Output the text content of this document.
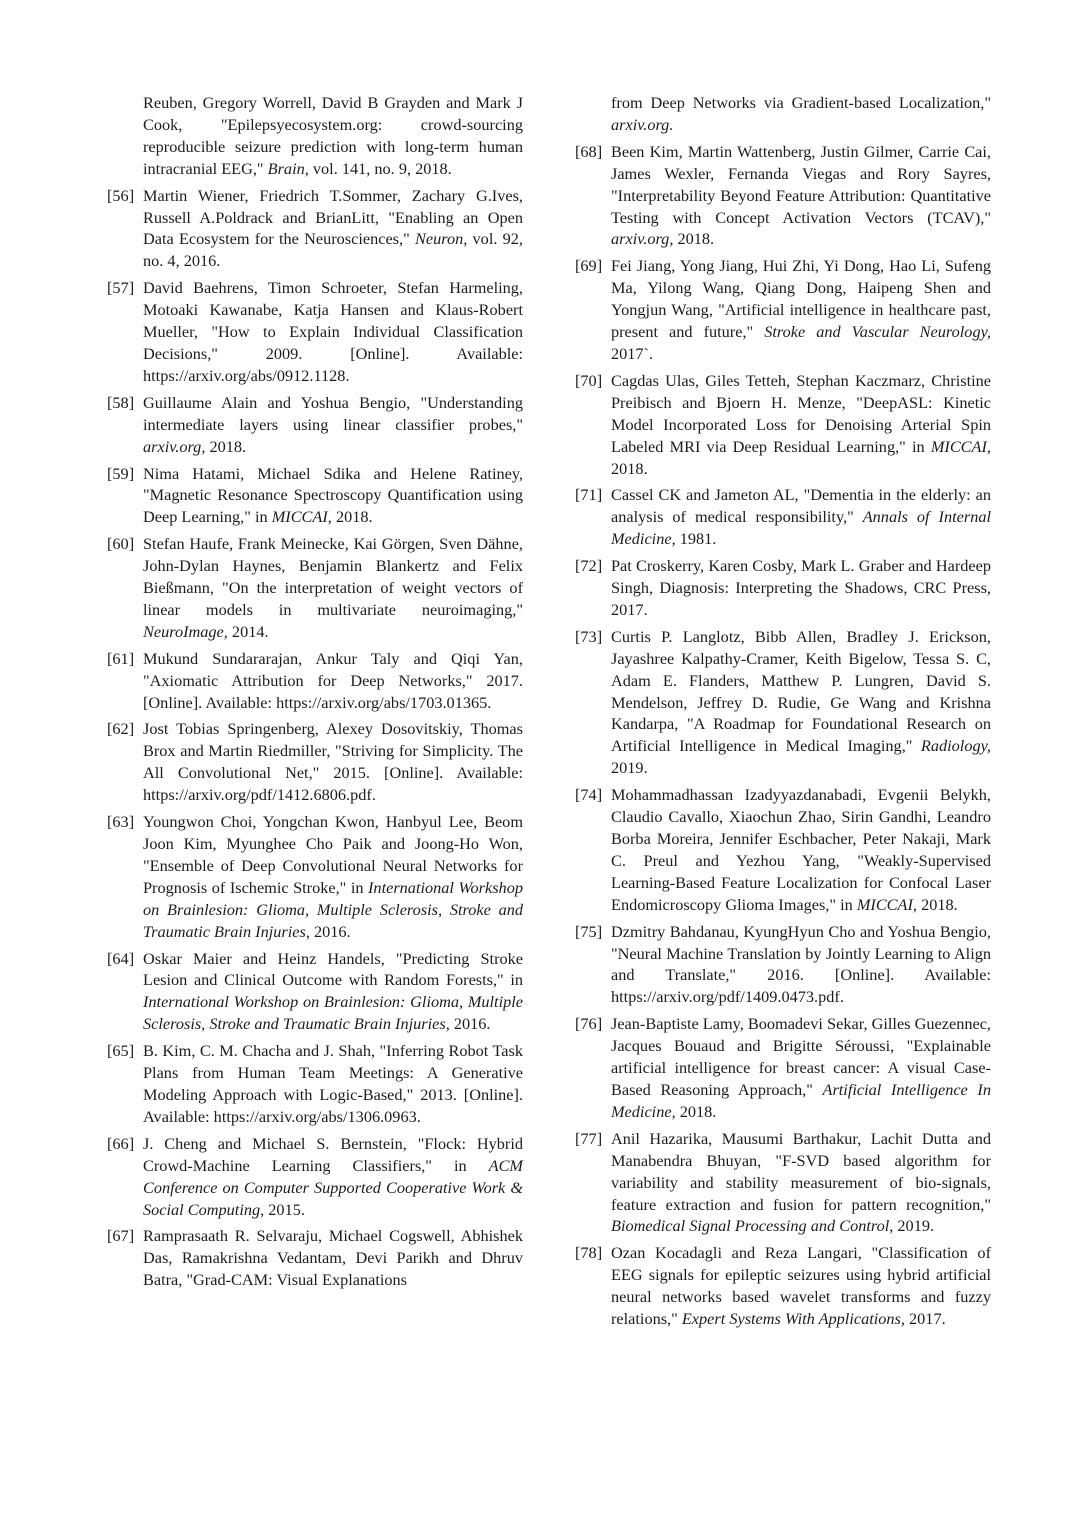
Reuben, Gregory Worrell, David B Grayden and Mark J Cook, "Epilepsyecosystem.org: crowd-sourcing reproducible seizure prediction with long-term human intracranial EEG," Brain, vol. 141, no. 9, 2018.
[56] Martin Wiener, Friedrich T.Sommer, Zachary G.Ives, Russell A.Poldrack and BrianLitt, "Enabling an Open Data Ecosystem for the Neurosciences," Neuron, vol. 92, no. 4, 2016.
[57] David Baehrens, Timon Schroeter, Stefan Harmeling, Motoaki Kawanabe, Katja Hansen and Klaus-Robert Mueller, "How to Explain Individual Classification Decisions," 2009. [Online]. Available: https://arxiv.org/abs/0912.1128.
[58] Guillaume Alain and Yoshua Bengio, "Understanding intermediate layers using linear classifier probes," arxiv.org, 2018.
[59] Nima Hatami, Michael Sdika and Helene Ratiney, "Magnetic Resonance Spectroscopy Quantification using Deep Learning," in MICCAI, 2018.
[60] Stefan Haufe, Frank Meinecke, Kai Görgen, Sven Dähne, John-Dylan Haynes, Benjamin Blankertz and Felix Bießmann, "On the interpretation of weight vectors of linear models in multivariate neuroimaging," NeuroImage, 2014.
[61] Mukund Sundararajan, Ankur Taly and Qiqi Yan, "Axiomatic Attribution for Deep Networks," 2017. [Online]. Available: https://arxiv.org/abs/1703.01365.
[62] Jost Tobias Springenberg, Alexey Dosovitskiy, Thomas Brox and Martin Riedmiller, "Striving for Simplicity. The All Convolutional Net," 2015. [Online]. Available: https://arxiv.org/pdf/1412.6806.pdf.
[63] Youngwon Choi, Yongchan Kwon, Hanbyul Lee, Beom Joon Kim, Myunghee Cho Paik and Joong-Ho Won, "Ensemble of Deep Convolutional Neural Networks for Prognosis of Ischemic Stroke," in International Workshop on Brainlesion: Glioma, Multiple Sclerosis, Stroke and Traumatic Brain Injuries, 2016.
[64] Oskar Maier and Heinz Handels, "Predicting Stroke Lesion and Clinical Outcome with Random Forests," in International Workshop on Brainlesion: Glioma, Multiple Sclerosis, Stroke and Traumatic Brain Injuries, 2016.
[65] B. Kim, C. M. Chacha and J. Shah, "Inferring Robot Task Plans from Human Team Meetings: A Generative Modeling Approach with Logic-Based," 2013. [Online]. Available: https://arxiv.org/abs/1306.0963.
[66] J. Cheng and Michael S. Bernstein, "Flock: Hybrid Crowd-Machine Learning Classifiers," in ACM Conference on Computer Supported Cooperative Work & Social Computing, 2015.
[67] Ramprasaath R. Selvaraju, Michael Cogswell, Abhishek Das, Ramakrishna Vedantam, Devi Parikh and Dhruv Batra, "Grad-CAM: Visual Explanations
from Deep Networks via Gradient-based Localization," arxiv.org.
[68] Been Kim, Martin Wattenberg, Justin Gilmer, Carrie Cai, James Wexler, Fernanda Viegas and Rory Sayres, "Interpretability Beyond Feature Attribution: Quantitative Testing with Concept Activation Vectors (TCAV)," arxiv.org, 2018.
[69] Fei Jiang, Yong Jiang, Hui Zhi, Yi Dong, Hao Li, Sufeng Ma, Yilong Wang, Qiang Dong, Haipeng Shen and Yongjun Wang, "Artificial intelligence in healthcare past, present and future," Stroke and Vascular Neurology, 2017`.
[70] Cagdas Ulas, Giles Tetteh, Stephan Kaczmarz, Christine Preibisch and Bjoern H. Menze, "DeepASL: Kinetic Model Incorporated Loss for Denoising Arterial Spin Labeled MRI via Deep Residual Learning," in MICCAI, 2018.
[71] Cassel CK and Jameton AL, "Dementia in the elderly: an analysis of medical responsibility," Annals of Internal Medicine, 1981.
[72] Pat Croskerry, Karen Cosby, Mark L. Graber and Hardeep Singh, Diagnosis: Interpreting the Shadows, CRC Press, 2017.
[73] Curtis P. Langlotz, Bibb Allen, Bradley J. Erickson, Jayashree Kalpathy-Cramer, Keith Bigelow, Tessa S. C, Adam E. Flanders, Matthew P. Lungren, David S. Mendelson, Jeffrey D. Rudie, Ge Wang and Krishna Kandarpa, "A Roadmap for Foundational Research on Artificial Intelligence in Medical Imaging," Radiology, 2019.
[74] Mohammadhassan Izadyyazdanabadi, Evgenii Belykh, Claudio Cavallo, Xiaochun Zhao, Sirin Gandhi, Leandro Borba Moreira, Jennifer Eschbacher, Peter Nakaji, Mark C. Preul and Yezhou Yang, "Weakly-Supervised Learning-Based Feature Localization for Confocal Laser Endomicroscopy Glioma Images," in MICCAI, 2018.
[75] Dzmitry Bahdanau, KyungHyun Cho and Yoshua Bengio, "Neural Machine Translation by Jointly Learning to Align and Translate," 2016. [Online]. Available: https://arxiv.org/pdf/1409.0473.pdf.
[76] Jean-Baptiste Lamy, Boomadevi Sekar, Gilles Guezennec, Jacques Bouaud and Brigitte Séroussi, "Explainable artificial intelligence for breast cancer: A visual Case-Based Reasoning Approach," Artificial Intelligence In Medicine, 2018.
[77] Anil Hazarika, Mausumi Barthakur, Lachit Dutta and Manabendra Bhuyan, "F-SVD based algorithm for variability and stability measurement of bio-signals, feature extraction and fusion for pattern recognition," Biomedical Signal Processing and Control, 2019.
[78] Ozan Kocadagli and Reza Langari, "Classification of EEG signals for epileptic seizures using hybrid artificial neural networks based wavelet transforms and fuzzy relations," Expert Systems With Applications, 2017.
